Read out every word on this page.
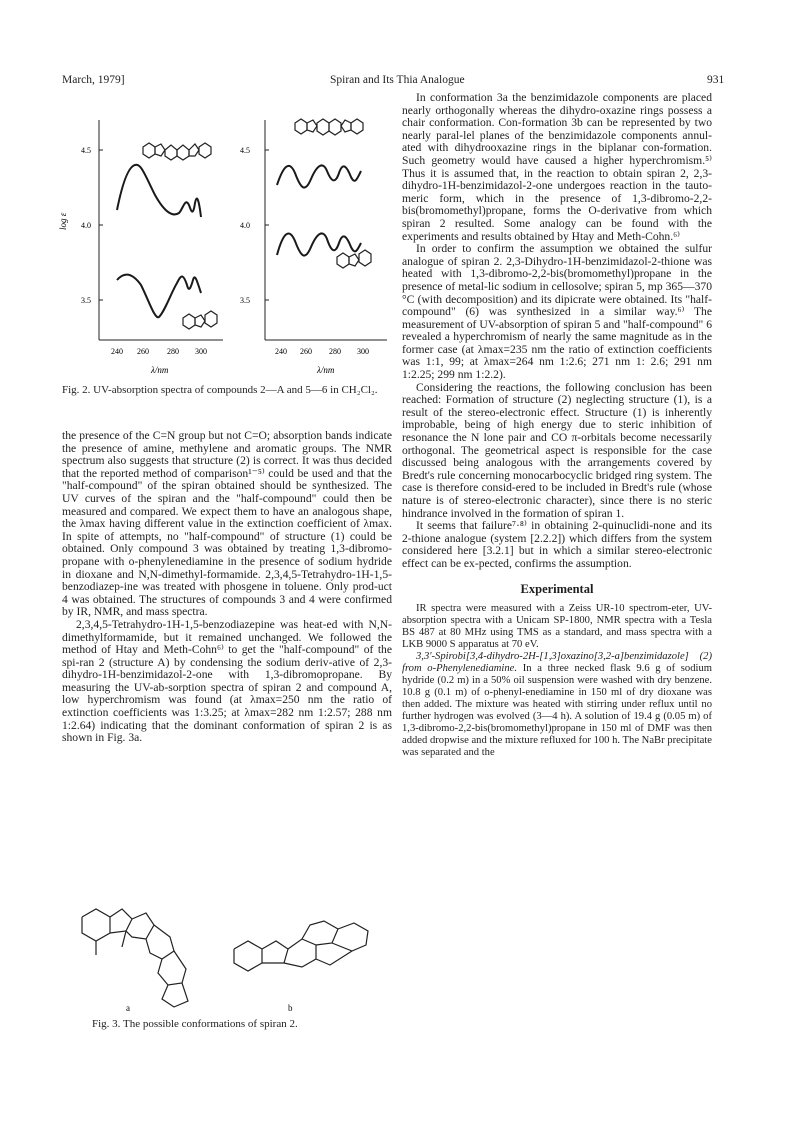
March, 1979]	Spiran and Its Thia Analogue	931
4.5
4.0
3.5
log ε
240 260 280 300
λ/nm
4.5
4.0
3.5
240 260 280 300
λ/nm
Fig. 2. UV-absorption spectra of compounds 2—A and 5—6 in CH₂Cl₂.

the presence of the C=N group but not C=O; absorption bands indicate the presence of amine, methylene and aromatic groups. The NMR spectrum also suggests that structure (2) is correct. It was thus decided that the reported method of comparison¹⁻⁵⁾ could be used and that the "half-compound" of the spiran obtained should be synthesized. The UV curves of the spiran and the "half-compound" could then be measured and compared. We expect them to have an analogous shape, the λmax having different value in the extinction coefficient of λmax. In spite of attempts, no "half-compound" of structure (1) could be obtained. Only compound 3 was obtained by treating 1,3-dibromo-propane with o-phenylenediamine in the presence of sodium hydride in dioxane and N,N-dimethyl-formamide. 2,3,4,5-Tetrahydro-1H-1,5-benzodiazep-ine was treated with phosgene in toluene. Only prod-uct 4 was obtained. The structures of compounds 3 and 4 were confirmed by IR, NMR, and mass spectra.

2,3,4,5-Tetrahydro-1H-1,5-benzodiazepine was heat-ed with N,N-dimethylformamide, but it remained unchanged. We followed the method of Htay and Meth-Cohn⁶⁾ to get the "half-compound" of the spi-ran 2 (structure A) by condensing the sodium deriv-ative of 2,3-dihydro-1H-benzimidazol-2-one with 1,3-dibromopropane. By measuring the UV-ab-sorption spectra of spiran 2 and compound A, low hyperchromism was found (at λmax=250 nm the ratio of extinction coefficients was 1:3.25; at λmax=282 nm 1:2.57; 288 nm 1:2.64) indicating that the dominant conformation of spiran 2 is as shown in Fig. 3a.

a	b
Fig. 3. The possible conformations of spiran 2.

In conformation 3a the benzimidazole components are placed nearly orthogonally whereas the dihydro-oxazine rings possess a chair conformation. Con-formation 3b can be represented by two nearly paral-lel planes of the benzimidazole components annul-ated with dihydrooxazine rings in the biplanar con-formation. Such geometry would have caused a higher hyperchromism.⁵⁾ Thus it is assumed that, in the reaction to obtain spiran 2, 2,3-dihydro-1H-benzimidazol-2-one undergoes reaction in the tauto-meric form, which in the presence of 1,3-dibromo-2,2-bis(bromomethyl)propane, forms the O-derivative from which spiran 2 resulted. Some analogy can be found with the experiments and results obtained by Htay and Meth-Cohn.⁶⁾

In order to confirm the assumption we obtained the sulfur analogue of spiran 2. 2,3-Dihydro-1H-benzimidazol-2-thione was heated with 1,3-dibromo-2,2-bis(bromomethyl)propane in the presence of metal-lic sodium in cellosolve; spiran 5, mp 365—370 °C (with decomposition) and its dipicrate were obtained. Its "half-compound" (6) was synthesized in a similar way.⁶⁾ The measurement of UV-absorption of spiran 5 and "half-compound" 6 revealed a hyperchromism of nearly the same magnitude as in the former case (at λmax=235 nm the ratio of extinction coefficients was 1:1, 99; at λmax=264 nm 1:2.6; 271 nm 1: 2.6; 291 nm 1:2.25; 299 nm 1:2.2).

Considering the reactions, the following conclusion has been reached: Formation of structure (2) neglecting structure (1), is a result of the stereo-electronic effect. Structure (1) is inherently improbable, being of high energy due to steric inhibition of resonance the N lone pair and CO π-orbitals become necessarily orthogonal. The geometrical aspect is responsible for the case discussed being analogous with the arrangements covered by Bredt's rule concerning monocarbocyclic bridged ring system. The case is therefore consid-ered to be included in Bredt's rule (whose nature is of stereo-electronic character), since there is no steric hindrance involved in the formation of spiran 1.

It seems that failure⁷·⁸⁾ in obtaining 2-quinuclidi-none and its 2-thione analogue (system [2.2.2]) which differs from the system considered here [3.2.1] but in which a similar stereo-electronic effect can be ex-pected, confirms the assumption.

Experimental

IR spectra were measured with a Zeiss UR-10 spectrom-eter, UV-absorption spectra with a Unicam SP-1800, NMR spectra with a Tesla BS 487 at 80 MHz using TMS as a standard, and mass spectra with a LKB 9000 S apparatus at 70 eV.

3,3'-Spirobi[3,4-dihydro-2H-[1,3]oxazino[3,2-a]benzimidazole] (2) from o-Phenylenediamine. In a three necked flask 9.6 g of sodium hydride (0.2 m) in a 50% oil suspension were washed with dry benzene. 10.8 g (0.1 m) of o-phenyl-enediamine in 150 ml of dry dioxane was then added. The mixture was heated with stirring under reflux until no further hydrogen was evolved (3—4 h). A solution of 19.4 g (0.05 m) of 1,3-dibromo-2,2-bis(bromomethyl)propane in 150 ml of DMF was then added dropwise and the mixture refluxed for 100 h. The NaBr precipitate was separated and the
